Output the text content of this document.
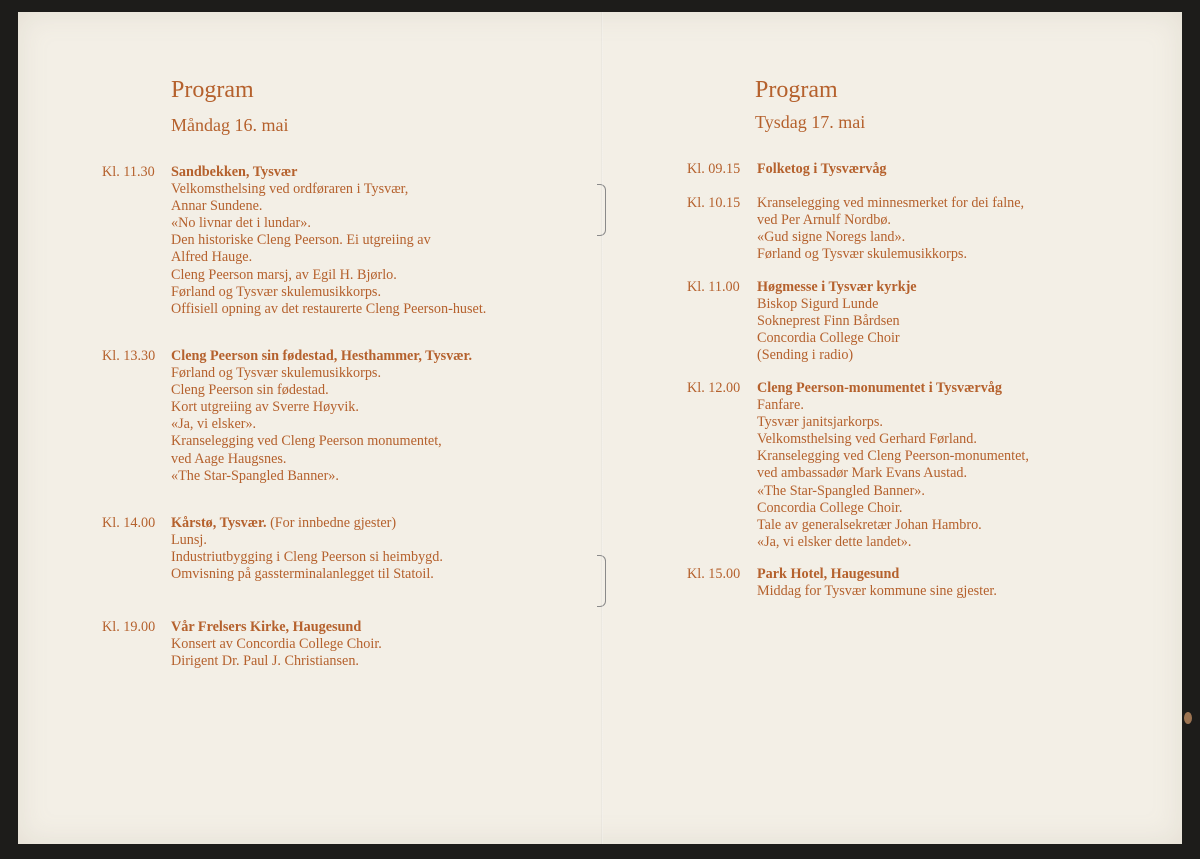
Program
Måndag 16. mai
Kl. 11.30 Sandbekken, Tysvær
Velkomsthelsing ved ordføraren i Tysvær,
Annar Sundene.
«No livnar det i lundar».
Den historiske Cleng Peerson. Ei utgreiing av
Alfred Hauge.
Cleng Peerson marsj, av Egil H. Bjørlo.
Førland og Tysvær skulemusikkorps.
Offisiell opning av det restaurerte Cleng Peerson-huset.
Kl. 13.30 Cleng Peerson sin fødestad, Hesthammer, Tysvær.
Førland og Tysvær skulemusikkorps.
Cleng Peerson sin fødestad.
Kort utgreiing av Sverre Høyvik.
«Ja, vi elsker».
Kranselegging ved Cleng Peerson monumentet,
ved Aage Haugsnes.
«The Star-Spangled Banner».
Kl. 14.00 Kårstø, Tysvær. (For innbedne gjester)
Lunsj.
Industriutbygging i Cleng Peerson si heimbygd.
Omvisning på gassterminalanlegget til Statoil.
Kl. 19.00 Vår Frelsers Kirke, Haugesund
Konsert av Concordia College Choir.
Dirigent Dr. Paul J. Christiansen.
Program
Tysdag 17. mai
Kl. 09.15 Folketog i Tysværvåg
Kl. 10.15 Kranselegging ved minnesmerket for dei falne,
ved Per Arnulf Nordbø.
«Gud signe Noregs land».
Førland og Tysvær skulemusikkorps.
Kl. 11.00 Høgmesse i Tysvær kyrkje
Biskop Sigurd Lunde
Sokneprest Finn Bårdsen
Concordia College Choir
(Sending i radio)
Kl. 12.00 Cleng Peerson-monumentet i Tysværvåg
Fanfare.
Tysvær janitsjarkorps.
Velkomsthelsing ved Gerhard Førland.
Kranselegging ved Cleng Peerson-monumentet,
ved ambassadør Mark Evans Austad.
«The Star-Spangled Banner».
Concordia College Choir.
Tale av generalsekretær Johan Hambro.
«Ja, vi elsker dette landet».
Kl. 15.00 Park Hotel, Haugesund
Middag for Tysvær kommune sine gjester.
